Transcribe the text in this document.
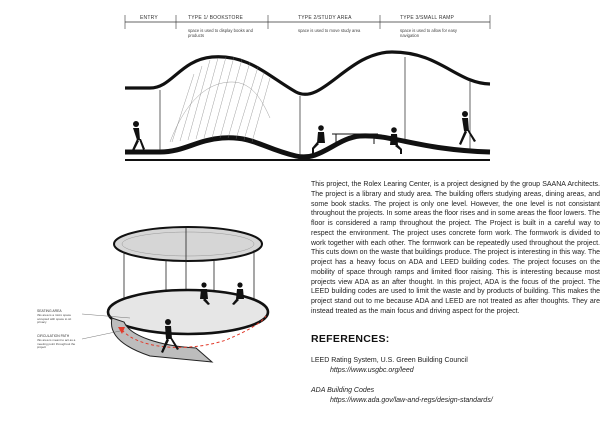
ENTRY	TYPE 1/ BOOKSTORE	TYPE 2/STUDY AREA	TYPE 3/SMALL RAMP
space is used to display books and products
space is used to move study area	space is used to allow for easy navigation
SEATING AREA
this area is a micro space occupied with space to sit privacy
CIRCULATION PATH
this area is meant to act as a meeting point throughout the project

This project, the Rolex Learing Center, is a project designed by the group SAANA Architects. The project is a library and study area. The building offers studying areas, dining areas, and some book stacks. The project is only one level. However, the one level is not consistant throughout the projects. In some areas the floor rises and in some areas the floor lowers. The floor is considered a ramp throughout the project. The Project is built in a careful way to respect the environment. The project uses concrete form work. The formwork is divided to work together with each other. The formwork can be repeatedly used throughout the project. This cuts down on the waste that buildings produce. The project is interesting in this way. The project has a heavy focus on ADA and LEED building codes. The project focuses on the mobility of space through ramps and limited floor raising. This is interesting because most projects view ADA as an after thought. In this project, ADA is the focus of the project. The LEED building codes are used to limit the waste and by products of building. This makes the project stand out to me because ADA and LEED are not treated as after thoughts. They are instead treated as the main focus and driving aspect for the project.

REFERENCES:
LEED Rating System, U.S. Green Building Council
https://www.usgbc.org/leed
ADA Building Codes
https://www.ada.gov/law-and-regs/design-standards/
